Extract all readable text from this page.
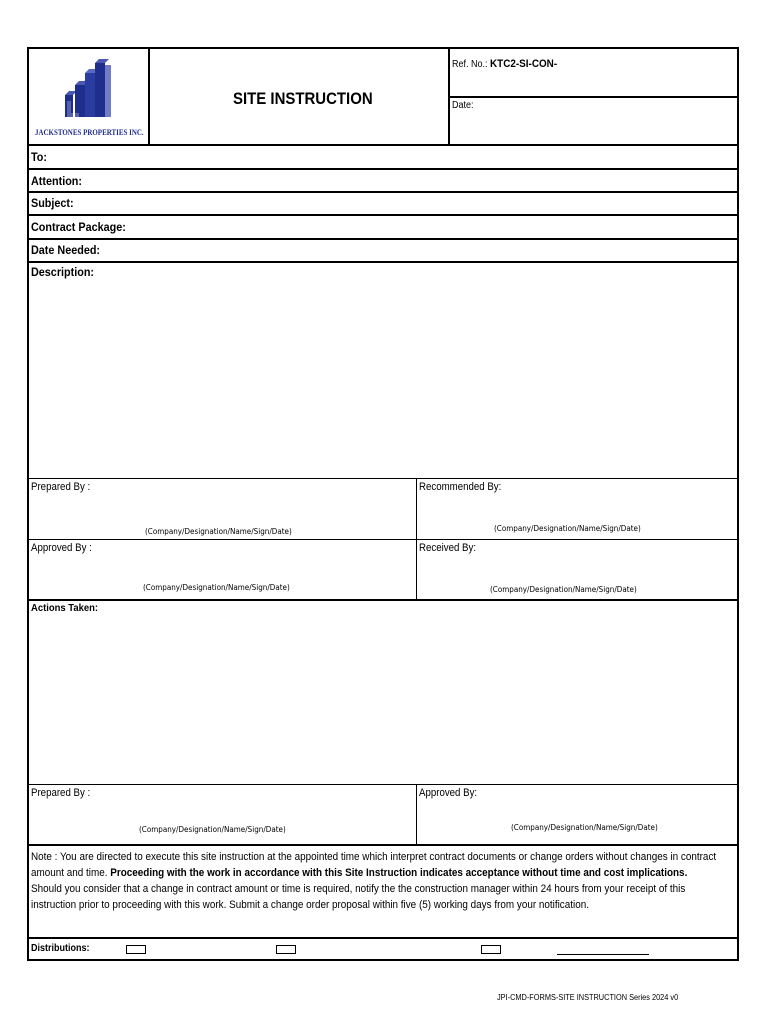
JACKSTONES PROPERTIES INC.
SITE INSTRUCTION
Ref. No.: KTC2-SI-CON-
Date:
To:
Attention:
Subject:
Contract Package:
Date Needed:
Description:
Prepared By :
(Company/Designation/Name/Sign/Date)
Recommended By:
(Company/Designation/Name/Sign/Date)
Approved By :
(Company/Designation/Name/Sign/Date)
Received By:
(Company/Designation/Name/Sign/Date)
Actions Taken:
Prepared By :
(Company/Designation/Name/Sign/Date)
Approved By:
(Company/Designation/Name/Sign/Date)

Note : You are directed to execute this site instruction at the appointed time which interpret contract documents or change orders without changes in contract amount and time. Proceeding with the work in accordance with this Site Instruction indicates acceptance without time and cost implications.

Should you consider that a change in contract amount or time is required, notify the the construction manager within 24 hours from your receipt of this instruction prior to proceeding with this work. Submit a change order proposal within five (5) working days from your notification.

Distributions:
JPI-CMD-FORMS-SITE INSTRUCTION Series 2024 v0
